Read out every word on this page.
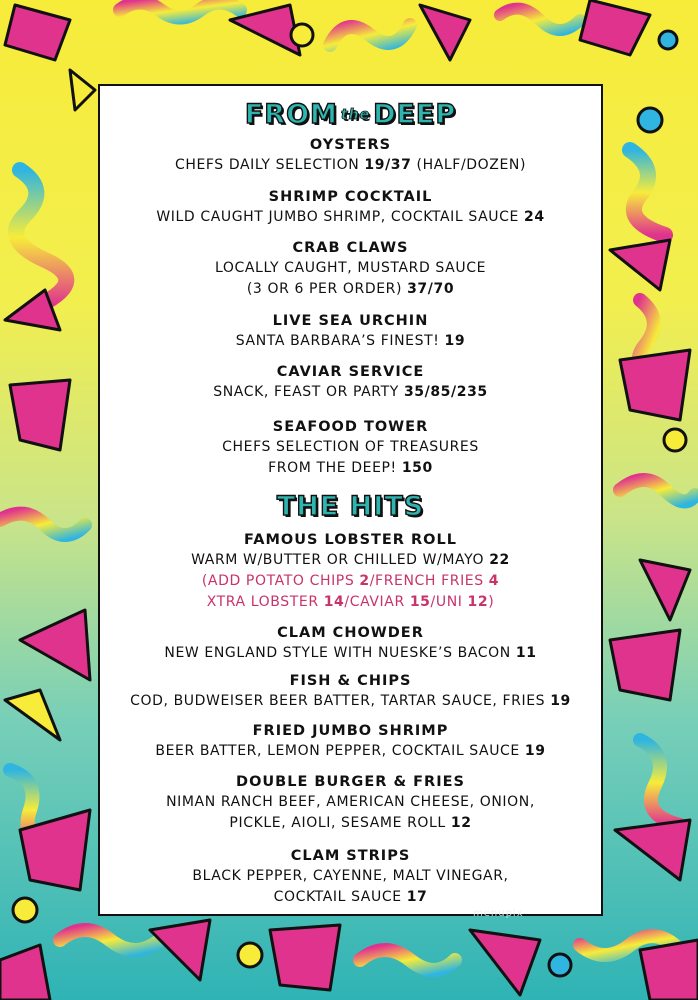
FROM $^{the}$ DEEP
OYSTERS
CHEFS DAILY SELECTION 19/37 (HALF/DOZEN)
SHRIMP COCKTAIL
WILD CAUGHT JUMBO SHRIMP, COCKTAIL SAUCE 24
CRAB CLAWS
LOCALLY CAUGHT, MUSTARD SAUCE
(3 OR 6 PER ORDER) 37/70
LIVE SEA URCHIN
SANTA BARBARA’S FINEST! 19
CAVIAR SERVICE
SNACK, FEAST OR PARTY 35/85/235
SEAFOOD TOWER
CHEFS SELECTION OF TREASURES
FROM THE DEEP! 150
THE HITS
FAMOUS LOBSTER ROLL
WARM W/BUTTER OR CHILLED W/MAYO 22
(ADD POTATO CHIPS 2/FRENCH FRIES 4
XTRA LOBSTER 14/CAVIAR 15/UNI 12)
CLAM CHOWDER
NEW ENGLAND STYLE WITH NUESKE’S BACON 11
FISH & CHIPS
COD, BUDWEISER BEER BATTER, TARTAR SAUCE, FRIES 19
FRIED JUMBO SHRIMP
BEER BATTER, LEMON PEPPER, COCKTAIL SAUCE 19
DOUBLE BURGER & FRIES
NIMAN RANCH BEEF, AMERICAN CHEESE, ONION,
PICKLE, AIOLI, SESAME ROLL 12
CLAM STRIPS
BLACK PEPPER, CAYENNE, MALT VINEGAR,
COCKTAIL SAUCE 17
menupix
